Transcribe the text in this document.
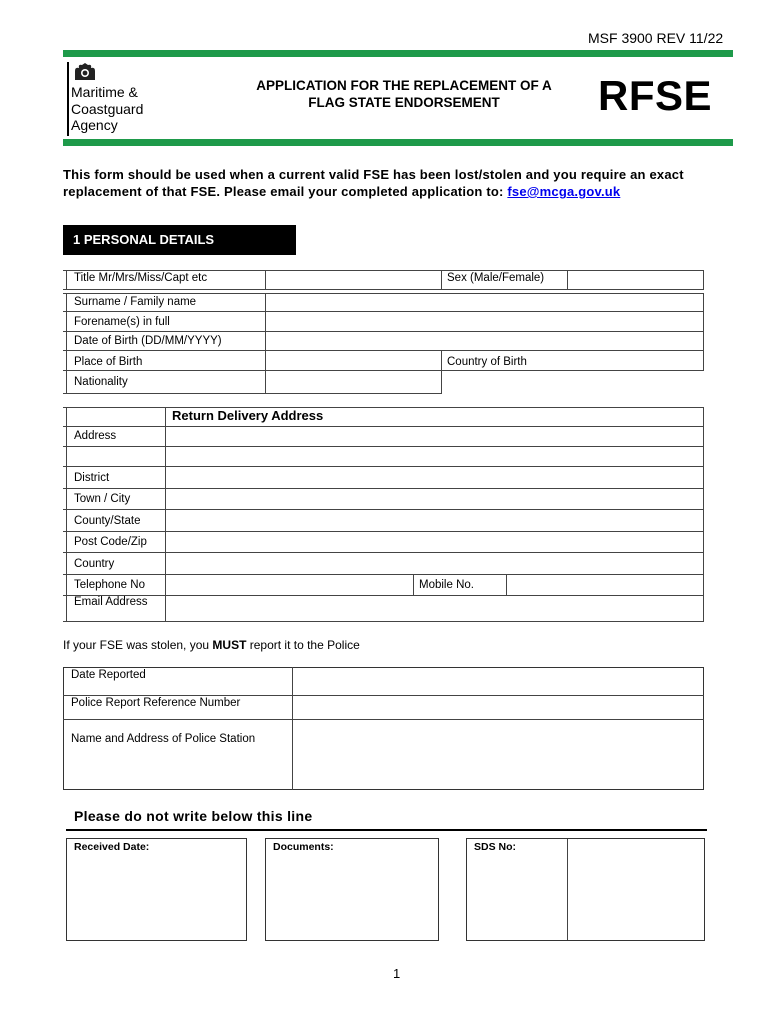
MSF 3900 REV 11/22
Maritime &
Coastguard
Agency
APPLICATION FOR THE REPLACEMENT OF A
FLAG STATE ENDORSEMENT	RFSE
This form should be used when a current valid FSE has been lost/stolen and you require an exact
replacement of that FSE. Please email your completed application to: fse@mcga.gov.uk
1 PERSONAL DETAILS
Title Mr/Mrs/Miss/Capt etc	Sex (Male/Female)
Surname / Family name
Forename(s) in full
Date of Birth (DD/MM/YYYY)
Place of Birth	Country of Birth
Nationality
Return Delivery Address
Address
District
Town / City
County/State
Post Code/Zip
Country
Telephone No	Mobile No.
Email Address
If your FSE was stolen, you MUST report it to the Police
Date Reported
Police Report Reference Number
Name and Address of Police Station
Please do not write below this line
Received Date:	Documents:	SDS No:
1
